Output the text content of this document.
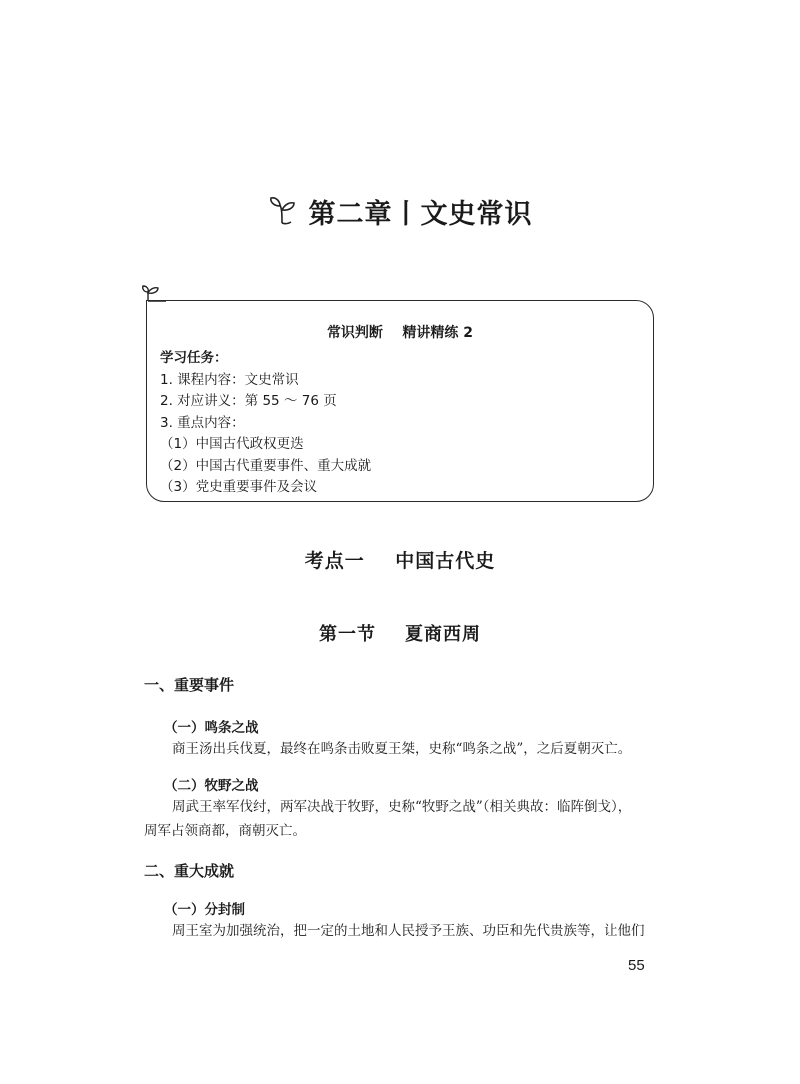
第二章丨文史常识
常识判断    精讲精练 2
学习任务：
1. 课程内容：文史常识
2. 对应讲义：第 55 ～ 76 页
3. 重点内容：
（1）中国古代政权更迭
（2）中国古代重要事件、重大成就
（3）党史重要事件及会议
考点一    中国古代史
第一节    夏商西周
一、重要事件
（一）鸣条之战
商王汤出兵伐夏，最终在鸣条击败夏王桀，史称“鸣条之战”，之后夏朝灭亡。
（二）牧野之战
周武王率军伐纣，两军决战于牧野，史称“牧野之战”（相关典故：临阵倒戈），
周军占领商都，商朝灭亡。
二、重大成就
（一）分封制
周王室为加强统治，把一定的土地和人民授予王族、功臣和先代贵族等，让他们
55
